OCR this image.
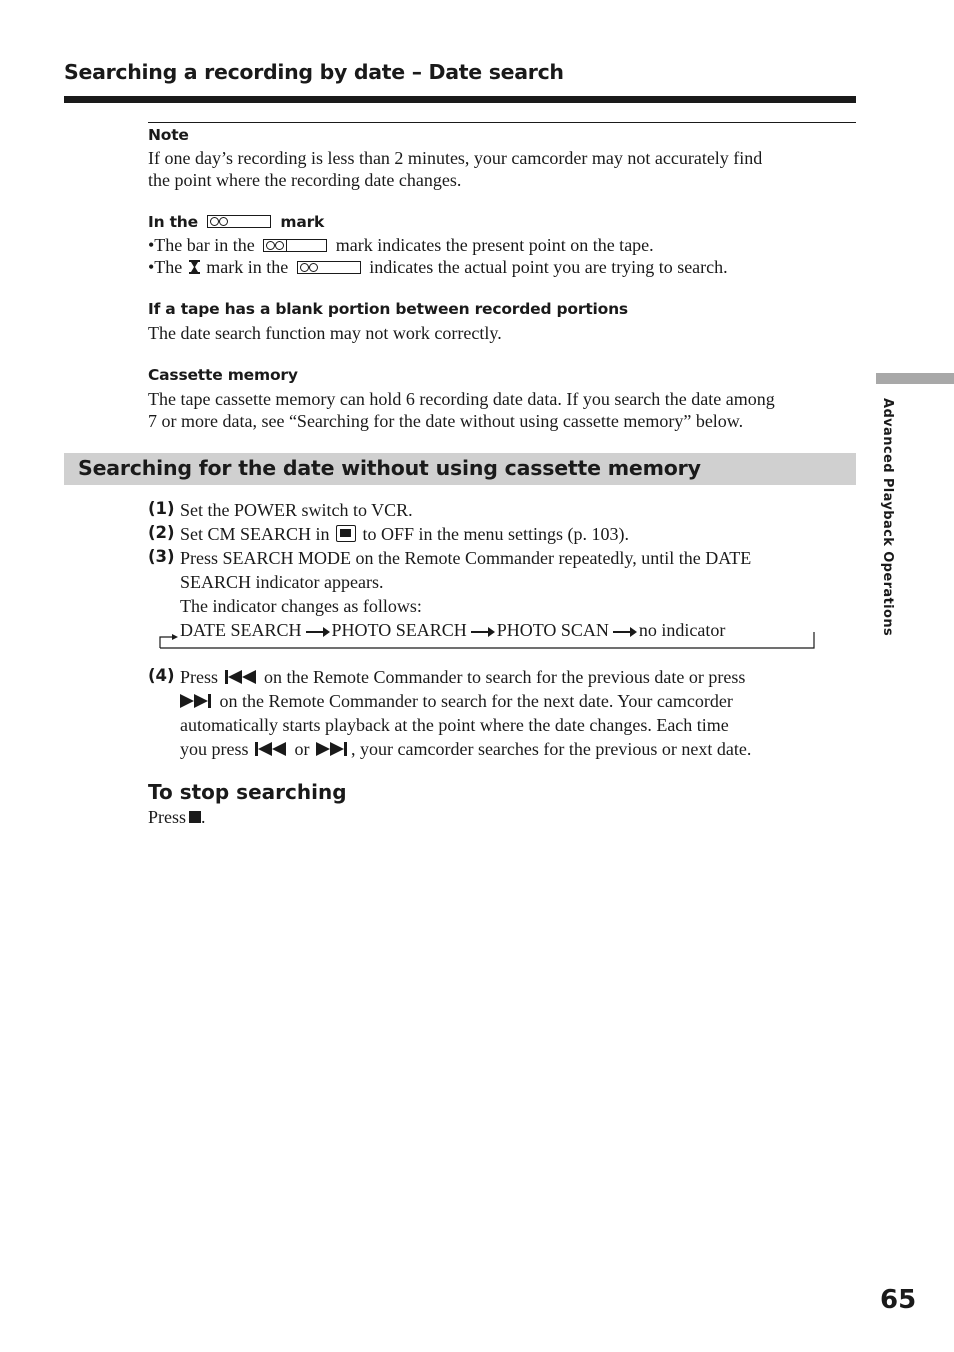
Searching a recording by date – Date search
Note
If one day’s recording is less than 2 minutes, your camcorder may not accurately find
the point where the recording date changes.
In the	mark
•The bar in the	mark indicates the present point on the tape.
•The mark in the	indicates the actual point you are trying to search.
If a tape has a blank portion between recorded portions
The date search function may not work correctly.
Cassette memory
The tape cassette memory can hold 6 recording date data. If you search the date among
7 or more data, see “Searching for the date without using cassette memory” below.
Searching for the date without using cassette memory
(1) Set the POWER switch to VCR.
(2) Set CM SEARCH in to OFF in the menu settings (p. 103).
(3) Press SEARCH MODE on the Remote Commander repeatedly, until the DATE
SEARCH indicator appears.
The indicator changes as follows:
DATE SEARCH PHOTO SEARCH PHOTO SCAN no indicator
(4) Press	on the Remote Commander to search for the previous date or press
on the Remote Commander to search for the next date. Your camcorder
automatically starts playback at the point where the date changes. Each time
you press	or , your camcorder searches for the previous or next date.
To stop searching
Press .
Advanced Playback Operations
65
